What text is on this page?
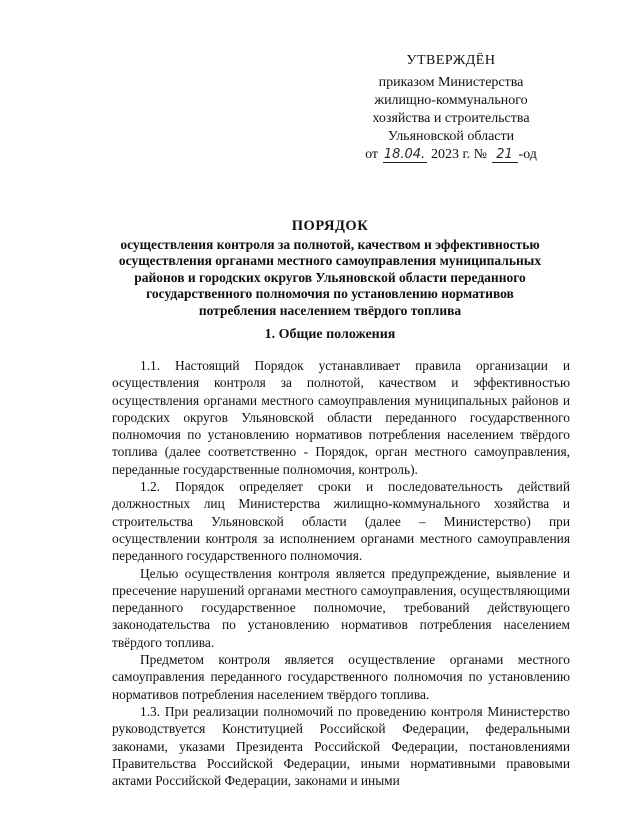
УТВЕРЖДЁН
приказом Министерства
жилищно-коммунального
хозяйства и строительства
Ульяновской области
от 18.04. 2023 г. № 21 -од
ПОРЯДОК
осуществления контроля за полнотой, качеством и эффективностью
осуществления органами местного самоуправления муниципальных
районов и городских округов Ульяновской области переданного
государственного полномочия по установлению нормативов
потребления населением твёрдого топлива
1. Общие положения

1.1. Настоящий Порядок устанавливает правила организации и осуществления контроля за полнотой, качеством и эффективностью осуществления органами местного самоуправления муниципальных районов и городских округов Ульяновской области переданного государственного полномочия по установлению нормативов потребления населением твёрдого топлива (далее соответственно - Порядок, орган местного самоуправления, переданные государственные полномочия, контроль).

1.2. Порядок определяет сроки и последовательность действий должностных лиц Министерства жилищно-коммунального хозяйства и строительства Ульяновской области (далее – Министерство) при осуществлении контроля за исполнением органами местного самоуправления переданного государственного полномочия.

Целью осуществления контроля является предупреждение, выявление и пресечение нарушений органами местного самоуправления, осуществляющими переданного государственное полномочие, требований действующего законодательства по установлению нормативов потребления населением твёрдого топлива.

Предметом контроля является осуществление органами местного самоуправления переданного государственного полномочия по установлению нормативов потребления населением твёрдого топлива.

1.3. При реализации полномочий по проведению контроля Министерство руководствуется Конституцией Российской Федерации, федеральными законами, указами Президента Российской Федерации, постановлениями Правительства Российской Федерации, иными нормативными правовыми актами Российской Федерации, законами и иными
